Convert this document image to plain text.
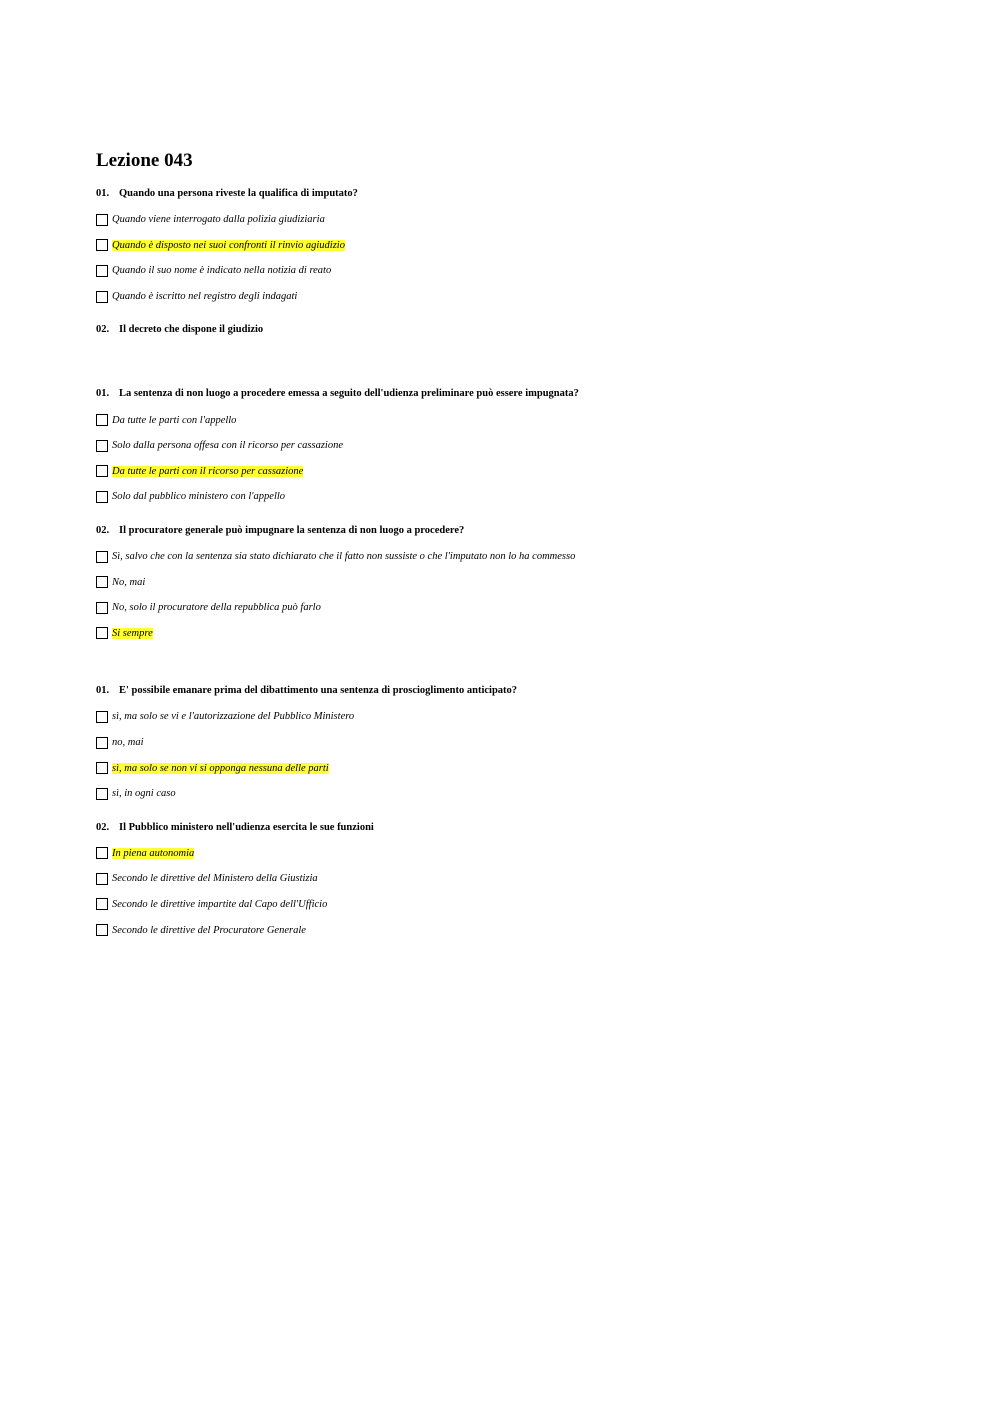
Lezione 043
01. Quando una persona riveste la qualifica di imputato?
Quando viene interrogato dalla polizia giudiziaria
Quando è disposto nei suoi confronti il rinvio agiudizio
Quando il suo nome è indicato nella notizia di reato
Quando è iscritto nel registro degli indagati
02. Il decreto che dispone il giudizio
01. La sentenza di non luogo a procedere emessa a seguito dell'udienza preliminare può essere impugnata?
Da tutte le parti con l'appello
Solo dalla persona offesa con il ricorso per cassazione
Da tutte le parti con il ricorso per cassazione
Solo dal pubblico ministero con l'appello
02. Il procuratore generale può impugnare la sentenza di non luogo a procedere?
Sì, salvo che con la sentenza sia stato dichiarato che il fatto non sussiste o che l'imputato non lo ha commesso
No, mai
No, solo il procuratore della repubblica può farlo
Si sempre
01. E' possibile emanare prima del dibattimento una sentenza di proscioglimento anticipato?
sì, ma solo se vi e l'autorizzazione del Pubblico Ministero
no, mai
sì, ma solo se non vi si opponga nessuna delle parti
sì, in ogni caso
02. Il Pubblico ministero nell'udienza esercita le sue funzioni
In piena autonomia
Secondo le direttive del Ministero della Giustizia
Secondo le direttive impartite dal Capo dell'Ufficio
Secondo le direttive del Procuratore Generale
